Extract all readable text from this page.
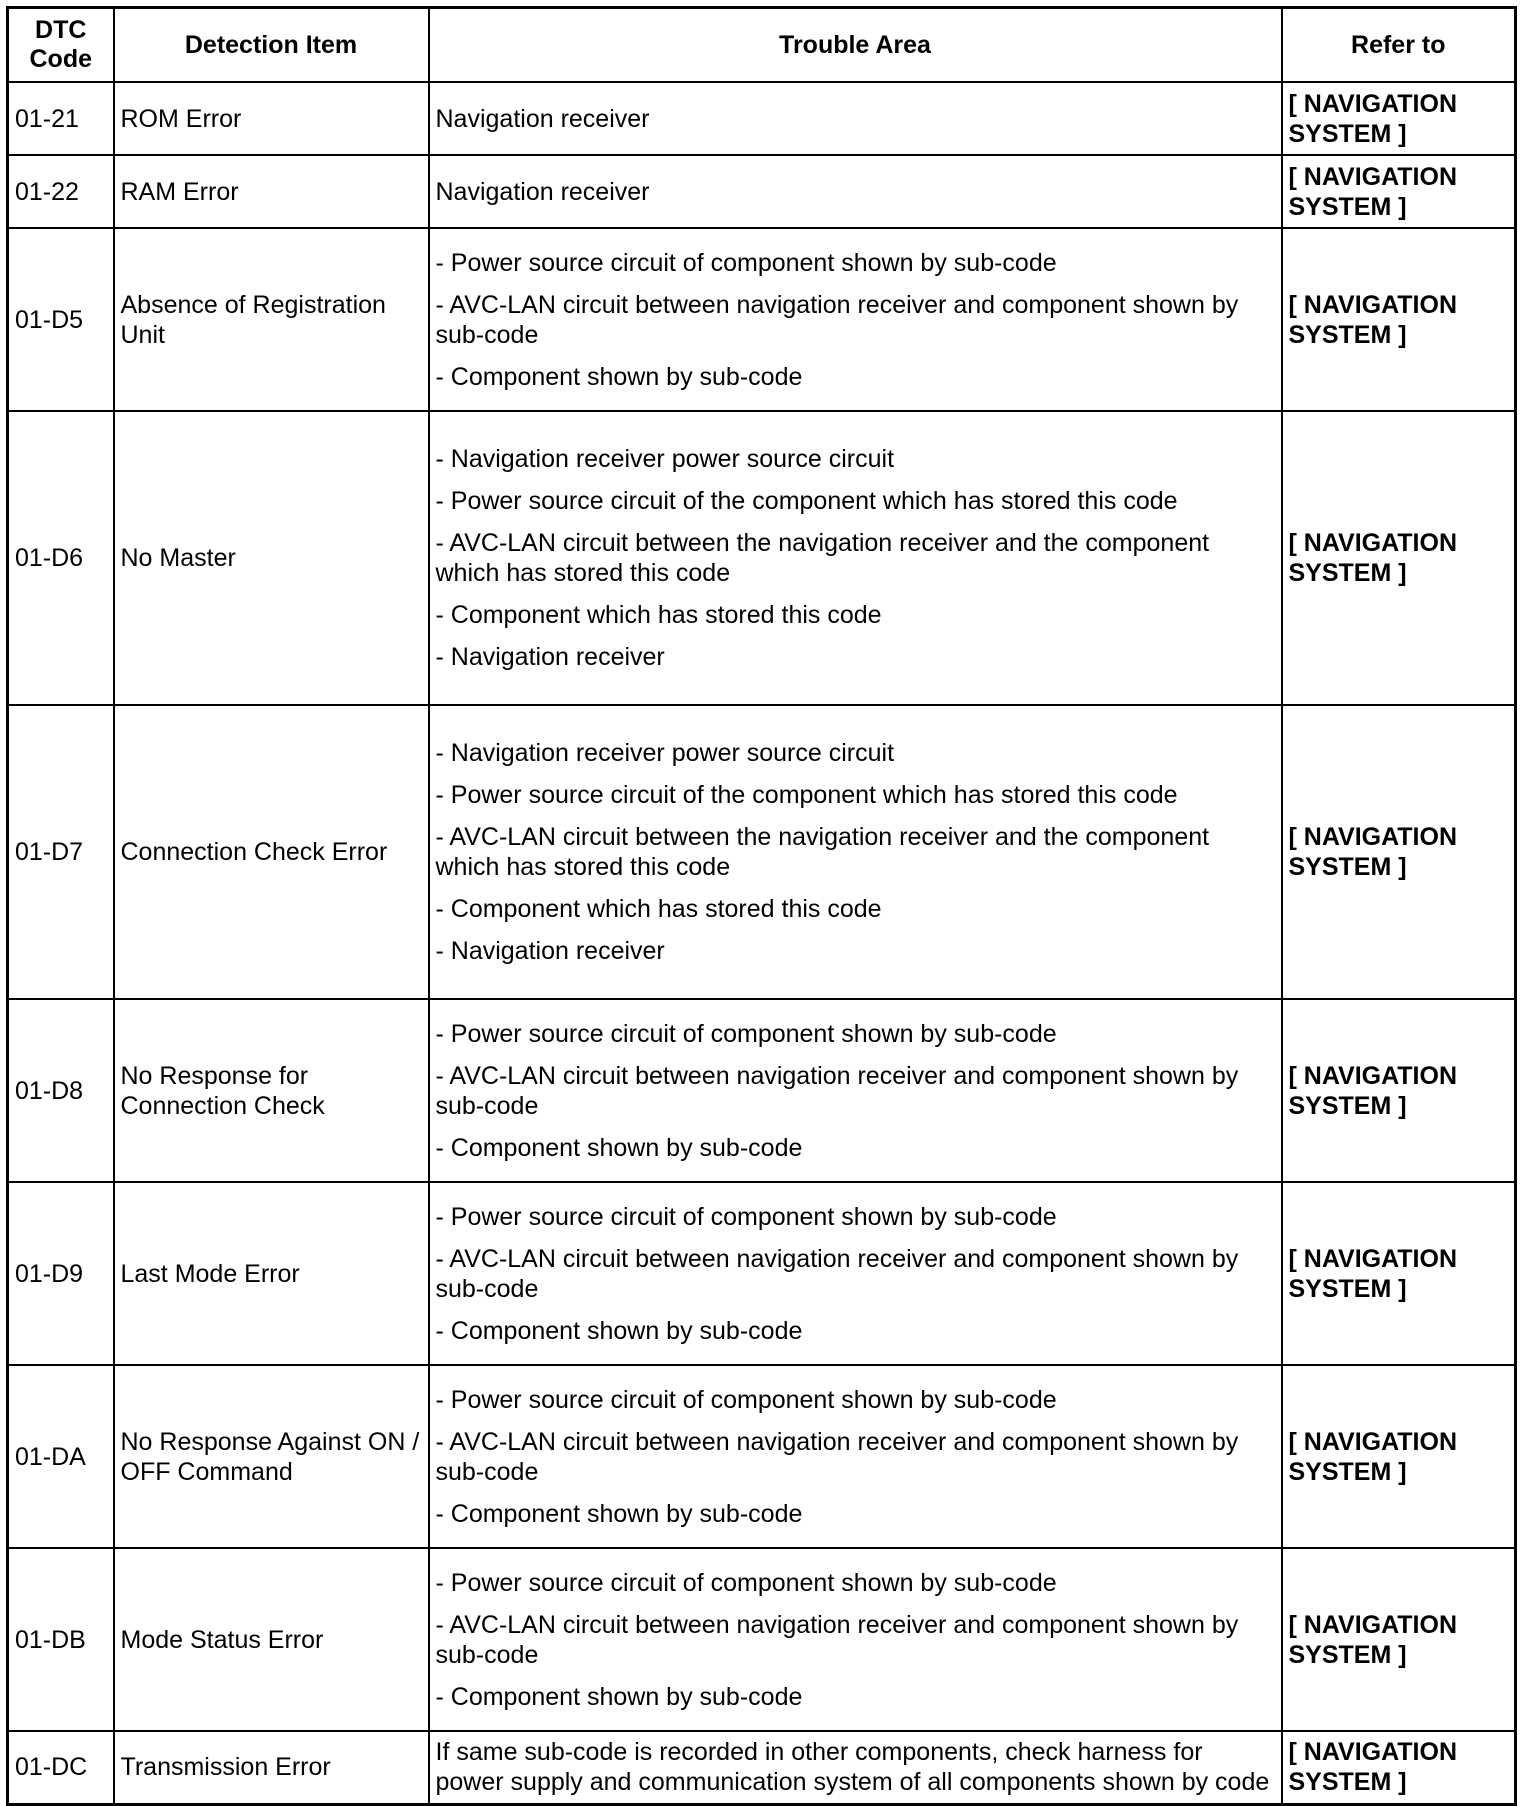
DTC Code	Detection Item	Trouble Area	Refer to
01-21	ROM Error	Navigation receiver	[ NAVIGATION SYSTEM ]
01-22	RAM Error	Navigation receiver	[ NAVIGATION SYSTEM ]
01-D5	Absence of Registration Unit	- Power source circuit of component shown by sub-code
- AVC-LAN circuit between navigation receiver and component shown by sub-code
- Component shown by sub-code	[ NAVIGATION SYSTEM ]
01-D6	No Master	- Navigation receiver power source circuit
- Power source circuit of the component which has stored this code
- AVC-LAN circuit between the navigation receiver and the component which has stored this code
- Component which has stored this code
- Navigation receiver	[ NAVIGATION SYSTEM ]
01-D7	Connection Check Error	- Navigation receiver power source circuit
- Power source circuit of the component which has stored this code
- AVC-LAN circuit between the navigation receiver and the component which has stored this code
- Component which has stored this code
- Navigation receiver	[ NAVIGATION SYSTEM ]
01-D8	No Response for Connection Check	- Power source circuit of component shown by sub-code
- AVC-LAN circuit between navigation receiver and component shown by sub-code
- Component shown by sub-code	[ NAVIGATION SYSTEM ]
01-D9	Last Mode Error	- Power source circuit of component shown by sub-code
- AVC-LAN circuit between navigation receiver and component shown by sub-code
- Component shown by sub-code	[ NAVIGATION SYSTEM ]
01-DA	No Response Against ON / OFF Command	- Power source circuit of component shown by sub-code
- AVC-LAN circuit between navigation receiver and component shown by sub-code
- Component shown by sub-code	[ NAVIGATION SYSTEM ]
01-DB	Mode Status Error	- Power source circuit of component shown by sub-code
- AVC-LAN circuit between navigation receiver and component shown by sub-code
- Component shown by sub-code	[ NAVIGATION SYSTEM ]
01-DC	Transmission Error	If same sub-code is recorded in other components, check harness for power supply and communication system of all components shown by code	[ NAVIGATION SYSTEM ]
